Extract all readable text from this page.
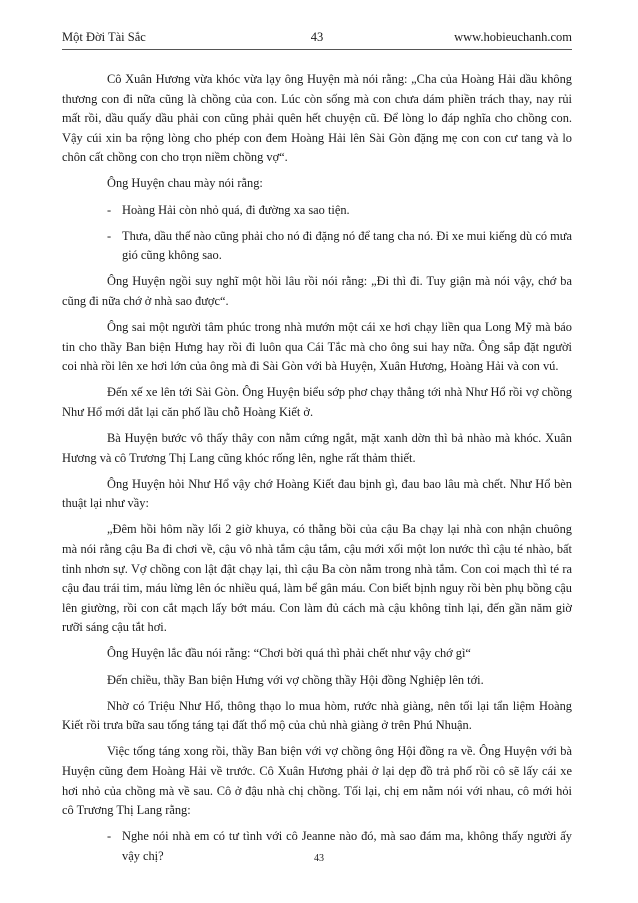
Một Đời Tài Sắc	43	www.hobieuchanh.com

Cô Xuân Hương vừa khóc vừa lạy ông Huyện mà nói rằng: „Cha của Hoàng Hải dầu không thương con đi nữa cũng là chồng của con. Lúc còn sống mà con chưa dám phiền trách thay, nay rủi mất rồi, dầu quấy dầu phải con cũng phải quên hết chuyện cũ. Để lòng lo đáp nghĩa cho chồng con. Vậy cúi xin ba rộng lòng cho phép con đem Hoàng Hải lên Sài Gòn đặng mẹ con con cư tang và lo chôn cất chồng con cho trọn niềm chồng vợ“.

Ông Huyện chau mày nói rằng:

- Hoàng Hải còn nhỏ quá, đi đường xa sao tiện.
- Thưa, dầu thế nào cũng phải cho nó đi đặng nó để tang cha nó. Đi xe mui kiếng dù có mưa gió cũng không sao.

Ông Huyện ngồi suy nghĩ một hồi lâu rồi nói rằng: „Đi thì đi. Tuy giận mà nói vậy, chớ ba cũng đi nữa chớ ở nhà sao được“.

Ông sai một người tâm phúc trong nhà mướn một cái xe hơi chạy liền qua Long Mỹ mà báo tin cho thầy Ban biện Hưng hay rồi đi luôn qua Cái Tắc mà cho ông sui hay nữa. Ông sắp đặt người coi nhà rồi lên xe hơi lớn của ông mà đi Sài Gòn với bà Huyện, Xuân Hương, Hoàng Hải và con vú.

Đến xế xe lên tới Sài Gòn. Ông Huyện biểu sớp phơ chạy thẳng tới nhà Như Hổ rồi vợ chồng Như Hổ mới dắt lại căn phố lầu chỗ Hoàng Kiết ở.

Bà Huyện bước vô thấy thây con nằm cứng ngắt, mặt xanh dờn thì bả nhào mà khóc. Xuân Hương và cô Trương Thị Lang cũng khóc rống lên, nghe rất thảm thiết.

Ông Huyện hỏi Như Hổ vậy chớ Hoàng Kiết đau bịnh gì, đau bao lâu mà chết. Như Hổ bèn thuật lại như vầy:

„Đêm hồi hôm nầy lối 2 giờ khuya, có thằng bồi của cậu Ba chạy lại nhà con nhận chuông mà nói rằng cậu Ba đi chơi về, cậu vô nhà tắm cậu tắm, cậu mới xối một lon nước thì cậu té nhào, bất tỉnh nhơn sự. Vợ chồng con lật đật chạy lại, thì cậu Ba còn nằm trong nhà tắm. Con coi mạch thì té ra cậu đau trái tim, máu lừng lên óc nhiều quá, làm bể gân máu. Con biết bịnh nguy rồi bèn phụ bồng cậu lên giường, rồi con cắt mạch lấy bớt máu. Con làm đủ cách mà cậu không tỉnh lại, đến gần năm giờ rưỡi sáng cậu tắt hơi.

Ông Huyện lắc đầu nói rằng: “Chơi bời quá thì phải chết như vậy chớ gì“

Đến chiều, thầy Ban biện Hưng với vợ chồng thầy Hội đồng Nghiệp lên tới.

Nhờ có Triệu Như Hổ, thông thạo lo mua hòm, rước nhà giàng, nên tối lại tẩn liệm Hoàng Kiết rồi trưa bữa sau tống táng tại đất thổ mộ của chủ nhà giàng ở trên Phú Nhuận.

Việc tống táng xong rồi, thầy Ban biện với vợ chồng ông Hội đồng ra về. Ông Huyện với bà Huyện cũng đem Hoàng Hải về trước. Cô Xuân Hương phải ở lại dẹp đồ trả phố rồi cô sẽ lấy cái xe hơi nhỏ của chồng mà về sau. Cô ở đậu nhà chị chồng. Tối lại, chị em nằm nói với nhau, cô mới hỏi cô Trương Thị Lang rằng:

- Nghe nói nhà em có tư tình với cô Jeanne nào đó, mà sao đám ma, không thấy người ấy vậy chị?	43
